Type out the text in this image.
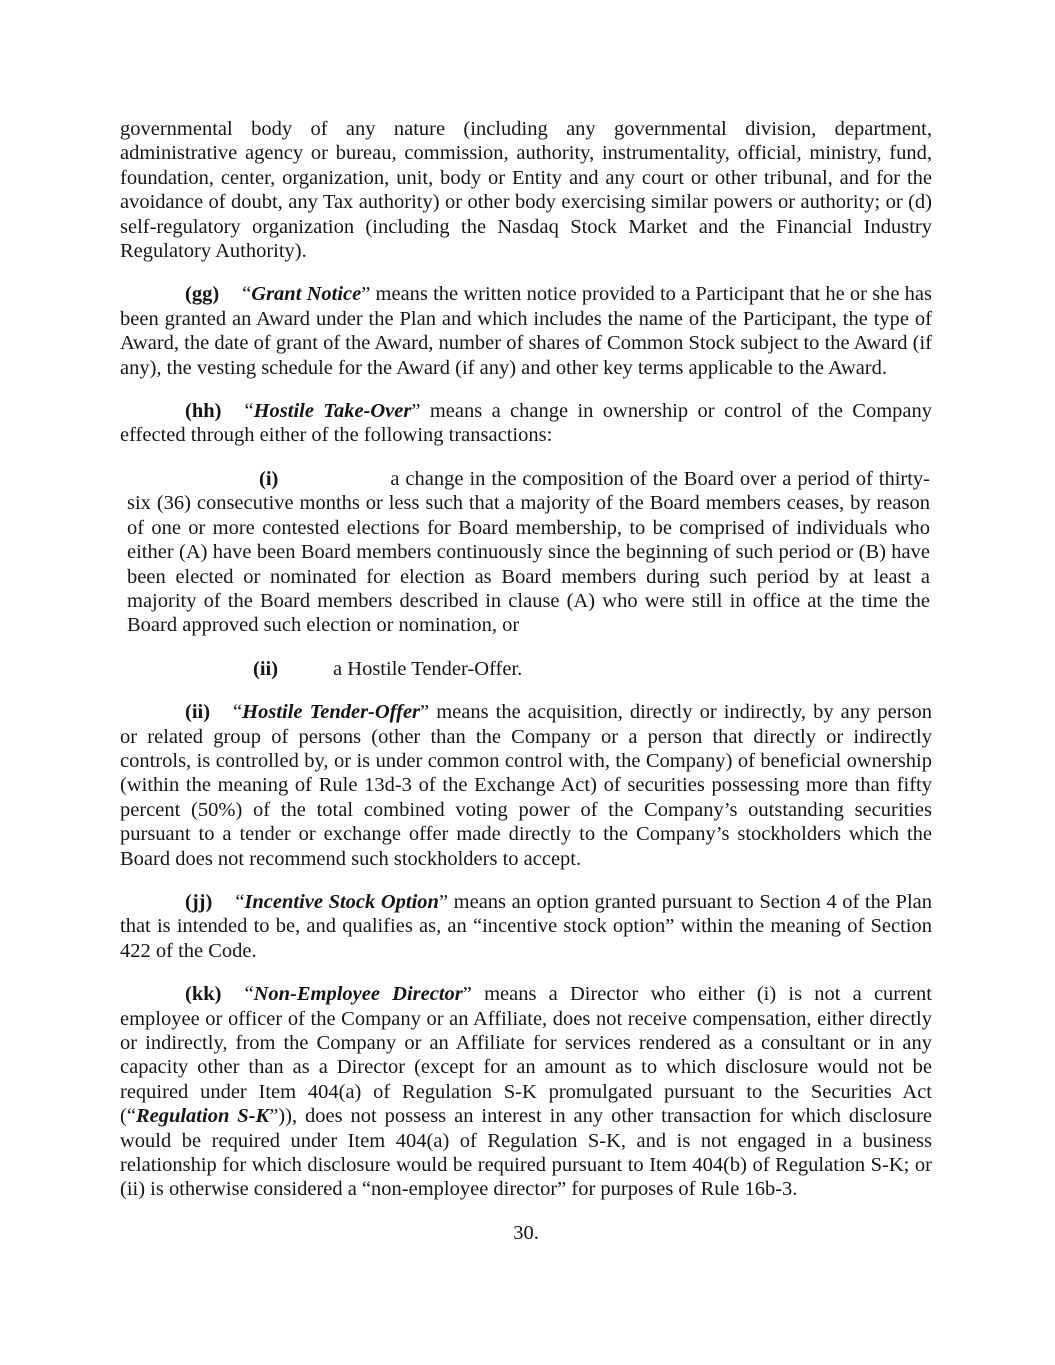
governmental body of any nature (including any governmental division, department, administrative agency or bureau, commission, authority, instrumentality, official, ministry, fund, foundation, center, organization, unit, body or Entity and any court or other tribunal, and for the avoidance of doubt, any Tax authority) or other body exercising similar powers or authority; or (d) self-regulatory organization (including the Nasdaq Stock Market and the Financial Industry Regulatory Authority).

(gg) “Grant Notice” means the written notice provided to a Participant that he or she has been granted an Award under the Plan and which includes the name of the Participant, the type of Award, the date of grant of the Award, number of shares of Common Stock subject to the Award (if any), the vesting schedule for the Award (if any) and other key terms applicable to the Award.

(hh) “Hostile Take-Over” means a change in ownership or control of the Company effected through either of the following transactions:

(i)	a change in the composition of the Board over a period of thirty-six (36) consecutive months or less such that a majority of the Board members ceases, by reason of one or more contested elections for Board membership, to be comprised of individuals who either (A) have been Board members continuously since the beginning of such period or (B) have been elected or nominated for election as Board members during such period by at least a majority of the Board members described in clause (A) who were still in office at the time the Board approved such election or nomination, or

(ii)	a Hostile Tender-Offer.

(ii) “Hostile Tender-Offer” means the acquisition, directly or indirectly, by any person or related group of persons (other than the Company or a person that directly or indirectly controls, is controlled by, or is under common control with, the Company) of beneficial ownership (within the meaning of Rule 13d-3 of the Exchange Act) of securities possessing more than fifty percent (50%) of the total combined voting power of the Company’s outstanding securities pursuant to a tender or exchange offer made directly to the Company’s stockholders which the Board does not recommend such stockholders to accept.

(jj) “Incentive Stock Option” means an option granted pursuant to Section 4 of the Plan that is intended to be, and qualifies as, an “incentive stock option” within the meaning of Section 422 of the Code.

(kk) “Non-Employee Director” means a Director who either (i) is not a current employee or officer of the Company or an Affiliate, does not receive compensation, either directly or indirectly, from the Company or an Affiliate for services rendered as a consultant or in any capacity other than as a Director (except for an amount as to which disclosure would not be required under Item 404(a) of Regulation S-K promulgated pursuant to the Securities Act (“Regulation S-K”)), does not possess an interest in any other transaction for which disclosure would be required under Item 404(a) of Regulation S-K, and is not engaged in a business relationship for which disclosure would be required pursuant to Item 404(b) of Regulation S-K; or (ii) is otherwise considered a “non-employee director” for purposes of Rule 16b-3.

30.
